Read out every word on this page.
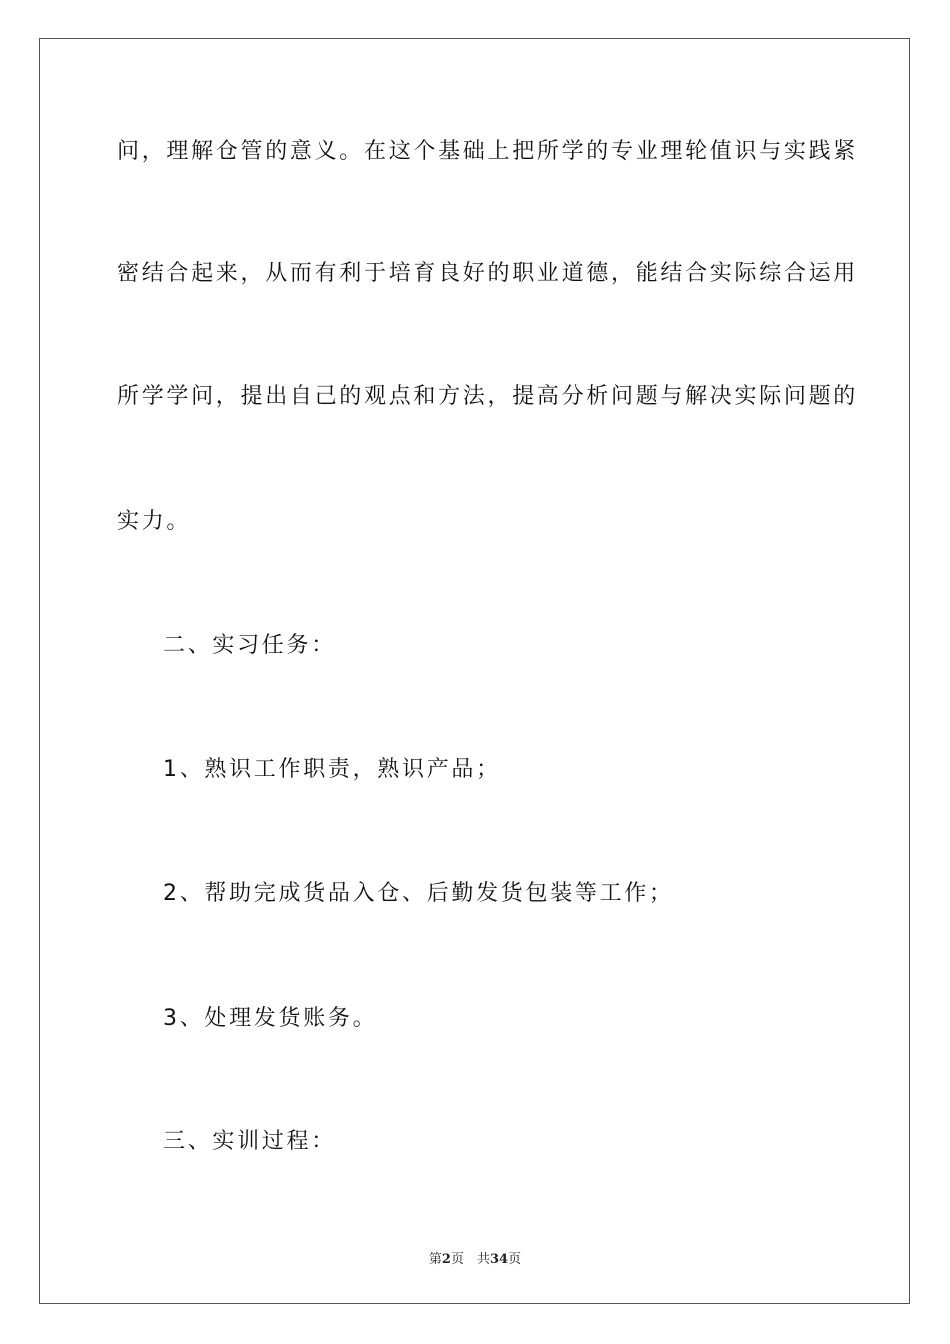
问，理解仓管的意义。在这个基础上把所学的专业理轮值识与实践紧
密结合起来，从而有利于培育良好的职业道德，能结合实际综合运用
所学学问，提出自己的观点和方法，提高分析问题与解决实际问题的
实力。
二、实习任务：
1、熟识工作职责，熟识产品；
2、帮助完成货品入仓、后勤发货包装等工作；
3、处理发货账务。
三、实训过程：
第2页　共34页
